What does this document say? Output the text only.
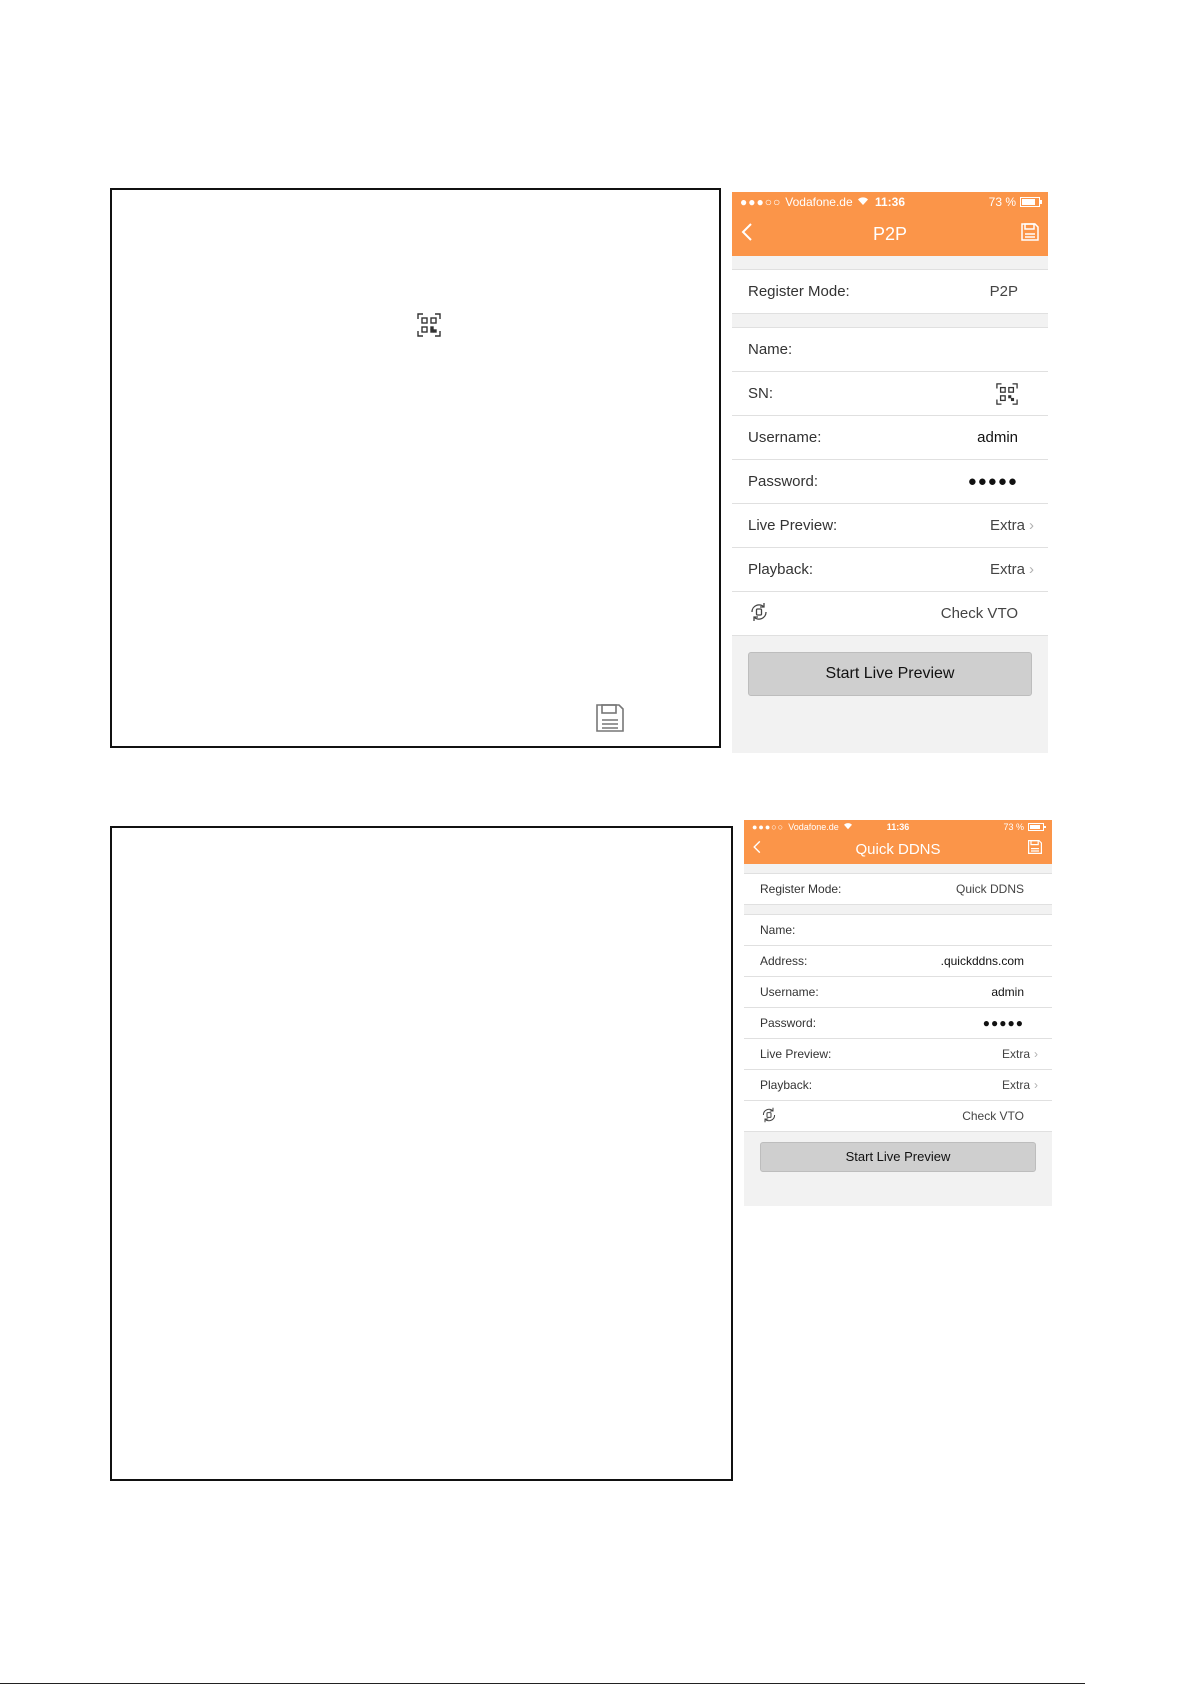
●●●○○ Vodafone.de 11:36	73 %
P2P
Register Mode:	P2P
Name:
SN:
Username:	admin
Password:	●●●●●
Live Preview:	Extra ›
Playback:	Extra ›
Check VTO
Start Live Preview
●●●○○ Vodafone.de	11:36	73 %
Quick DDNS
Register Mode:	Quick DDNS
Name:
Address:	.quickddns.com
Username:	admin
Password:	●●●●●
Live Preview:	Extra ›
Playback:	Extra ›
Check VTO
Start Live Preview
